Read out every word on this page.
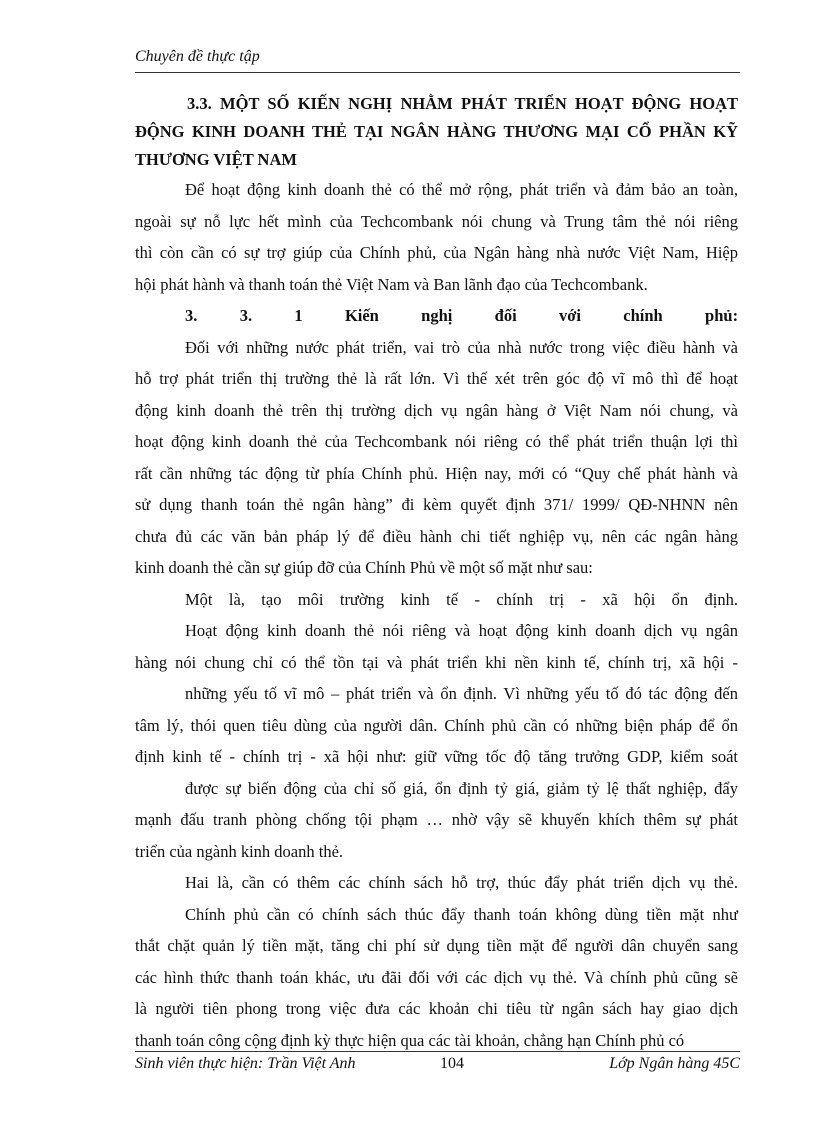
Chuyên đề thực tập
3.3. MỘT SỐ KIẾN NGHỊ NHẰM PHÁT TRIỂN HOẠT ĐỘNG HOẠT
ĐỘNG KINH DOANH THẺ TẠI NGÂN HÀNG THƯƠNG MẠI CỔ PHẦN KỸ
THƯƠNG VIỆT NAM
Để hoạt động kinh doanh thẻ có thể mở rộng, phát triển và đảm bảo an toàn,
ngoài sự nỗ lực hết mình của Techcombank nói chung và Trung tâm thẻ nói riêng
thì còn cần có sự trợ giúp của Chính phủ, của Ngân hàng nhà nước Việt Nam, Hiệp
hội phát hành và thanh toán thẻ Việt Nam và Ban lãnh đạo của Techcombank.
3.	3.	1	Kiến	nghị	đối	với	chính	phủ:
Đối với những nước phát triển, vai trò của nhà nước trong việc điều hành và
hỗ trợ phát triển thị trường thẻ là rất lớn. Vì thế xét trên góc độ vĩ mô thì để hoạt
động kinh doanh thẻ trên thị trường dịch vụ ngân hàng ở Việt Nam nói chung, và
hoạt động kinh doanh thẻ của Techcombank nói riêng có thể phát triển thuận lợi thì
rất cần những tác động từ phía Chính phủ. Hiện nay, mới có “Quy chế phát hành và
sử dụng thanh toán thẻ ngân hàng” đi kèm quyết định 371/ 1999/ QĐ-NHNN nên
chưa đủ các văn bản pháp lý để điều hành chi tiết nghiệp vụ, nên các ngân hàng
kinh doanh thẻ cần sự giúp đỡ của Chính Phủ về một số mặt như sau:
Một là, tạo môi trường kinh tế - chính trị - xã hội ổn định.
Hoạt động kinh doanh thẻ nói riêng và hoạt động kinh doanh dịch vụ ngân
hàng nói chung chỉ có thể tồn tại và phát triển khi nền kinh tế, chính trị, xã hội -
những yếu tố vĩ mô – phát triển và ổn định. Vì những yếu tố đó tác động đến
tâm lý, thói quen tiêu dùng của người dân. Chính phủ cần có những biện pháp để ổn
định kinh tế - chính trị - xã hội như: giữ vững tốc độ tăng trưởng GDP, kiểm soát
được sự biến động của chỉ số giá, ổn định tỷ giá, giảm tỷ lệ thất nghiệp, đẩy
mạnh đấu tranh phòng chống tội phạm … nhờ vậy sẽ khuyến khích thêm sự phát
triển của ngành kinh doanh thẻ.
Hai là, cần có thêm các chính sách hỗ trợ, thúc đẩy phát triển dịch vụ thẻ.
Chính phủ cần có chính sách thúc đẩy thanh toán không dùng tiền mặt như
thắt chặt quản lý tiền mặt, tăng chi phí sử dụng tiền mặt để người dân chuyển sang
các hình thức thanh toán khác, ưu đãi đối với các dịch vụ thẻ. Và chính phủ cũng sẽ
là người tiên phong trong việc đưa các khoản chi tiêu từ ngân sách hay giao dịch
thanh toán công cộng định kỳ thực hiện qua các tài khoản, chẳng hạn Chính phủ có
Sinh viên thực hiện: Trần Việt Anh	104	Lớp Ngân hàng 45C
